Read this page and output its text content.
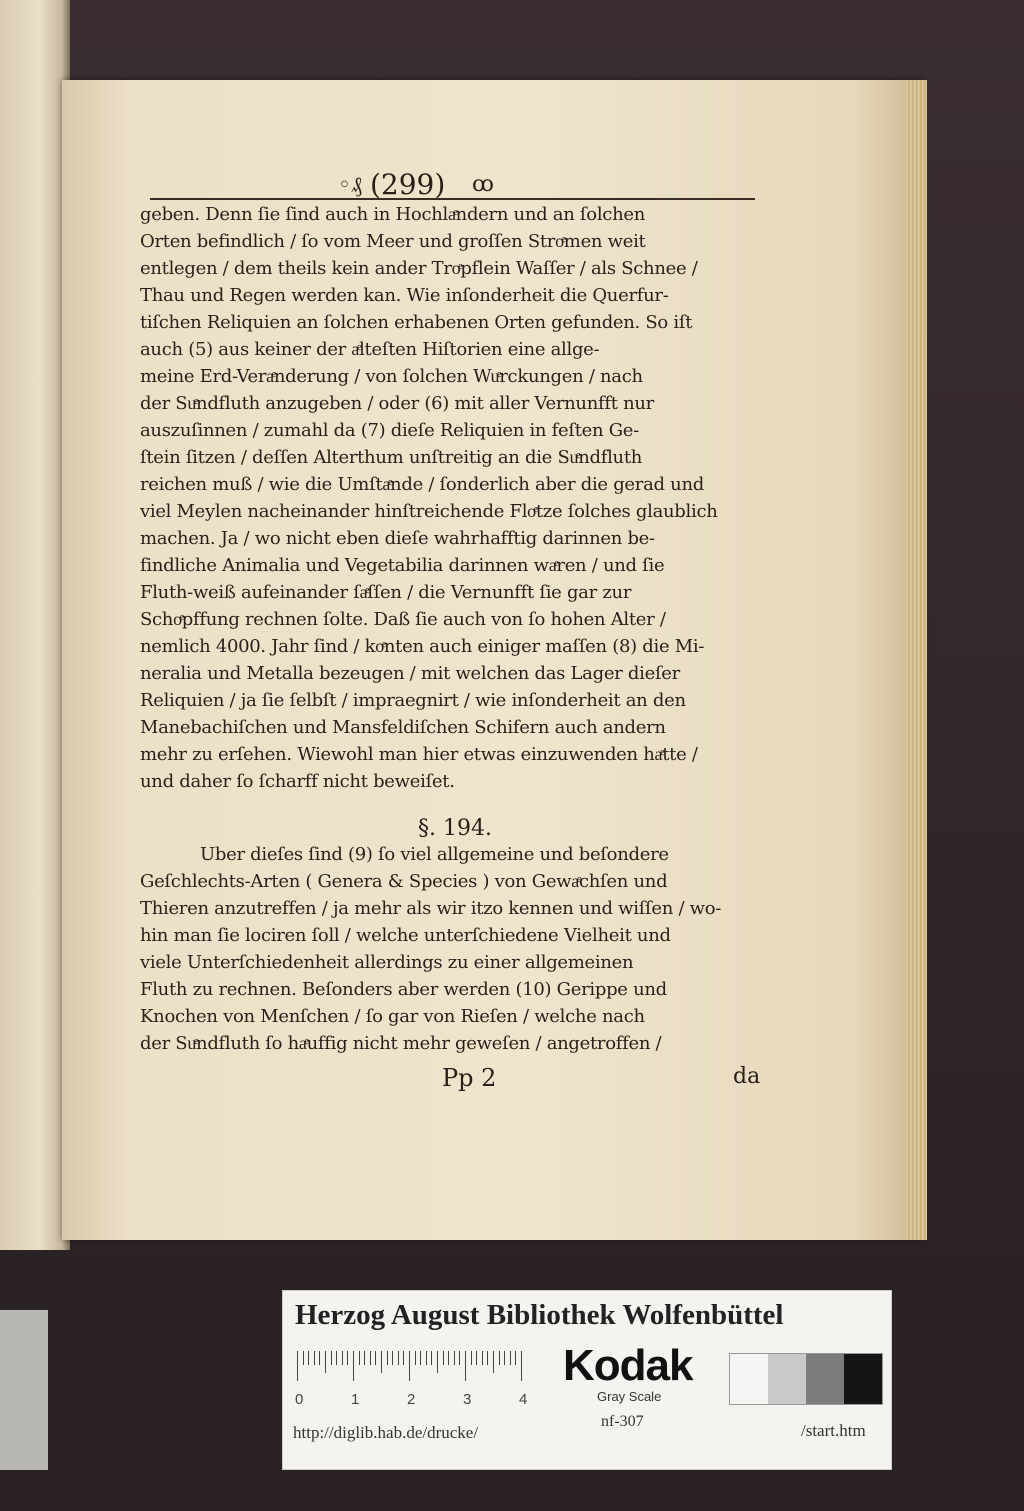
◦₰ (299) ꝏ
geben. Denn ſie ſind auch in Hochlaͤndern und an ſolchen
Orten befindlich / ſo vom Meer und groſſen Stroͤmen weit
entlegen / dem theils kein ander Troͤpflein Waſſer / als Schnee /
Thau und Regen werden kan. Wie inſonderheit die Querfur-
tiſchen Reliquien an ſolchen erhabenen Orten gefunden. So iſt
auch (5) aus keiner der aͤlteſten Hiſtorien eine allge-
meine Erd-Veraͤnderung / von ſolchen Wuͤrckungen / nach
der Suͤndfluth anzugeben / oder (6) mit aller Vernunfft nur
auszuſinnen / zumahl da (7) dieſe Reliquien in feſten Ge-
ſtein ſitzen / deſſen Alterthum unſtreitig an die Suͤndfluth
reichen muß / wie die Umſtaͤnde / ſonderlich aber die gerad und
viel Meylen nacheinander hinſtreichende Floͤtze ſolches glaublich
machen. Ja / wo nicht eben dieſe wahrhafftig darinnen be-
findliche Animalia und Vegetabilia darinnen waͤren / und ſie
Fluth-weiß aufeinander ſaͤſſen / die Vernunfft ſie gar zur
Schoͤpffung rechnen ſolte. Daß ſie auch von ſo hohen Alter /
nemlich 4000. Jahr ſind / koͤnten auch einiger maſſen (8) die Mi-
neralia und Metalla bezeugen / mit welchen das Lager dieſer
Reliquien / ja ſie ſelbſt / impraegnirt / wie inſonderheit an den
Manebachiſchen und Mansfeldiſchen Schifern auch andern
mehr zu erſehen. Wiewohl man hier etwas einzuwenden haͤtte /
und daher ſo ſcharff nicht beweiſet.
Uber dieſes ſind (9) ſo viel allgemeine und beſondere
Geſchlechts-Arten ( Genera & Species ) von Gewaͤchſen und
Thieren anzutreffen / ja mehr als wir itzo kennen und wiſſen / wo-
hin man ſie lociren ſoll / welche unterſchiedene Vielheit und
viele Unterſchiedenheit allerdings zu einer allgemeinen
Fluth zu rechnen. Beſonders aber werden (10) Gerippe und
Knochen von Menſchen / ſo gar von Rieſen / welche nach
der Suͤndfluth ſo haͤuffig nicht mehr geweſen / angetroffen /
§. 194.
Pp 2	da
Herzog August Bibliothek Wolfenbüttel
0	1	2	3	4
Kodak
Gray Scale
http://diglib.hab.de/drucke/
nf-307	/start.htm
